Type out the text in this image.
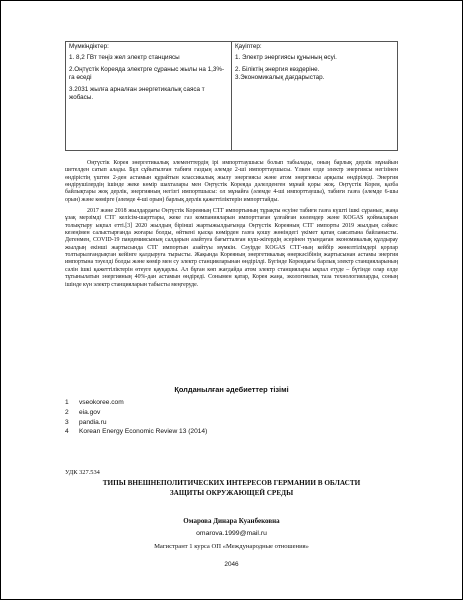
Мүмкіндіктер:
1. 8,2 ГВт теңіз жел электр станциясы
2.Оңтүстік Кореяда электрге сұраныс жылы на 1,3%-га өседі
3.2031 жылға арналған энергетикалық саяса т жобасы.

Қауіптер:
1. Электр энергиясы құнының өсуі.
2. Біліктің энергия көздеріне.
3.Экономикалық дағдарыстар.

Оңтүстік Корея энергетикалық элементтердің ірі импорттаушысы болып табылады, оның барлық дерлік мұнайын шетелден сатып алады. Бұл сұйытылған табиғи газдың әлемде 2-ші импорттаушысы. Үлкен елде электр энергиясы негізінен өндірістің үштен 2-ден астамын құрайтын классикалық жылу энергиясы және атом энергиясы арқылы өндіріледі. Энергия өндірушілердің ішінде жеке көмір шахталары мен Оңтүстік Кореяда дәлелденген мұнай қоры жоқ. Оңтүстік Корея, қазба байлықтары жоқ дерлік, энергияның негізгі импортшысы: ол мұнайға (әлемде 4-ші импорттаушы), табиғи газға (әлемде 6-шы орын) және көмірге (әлемде 4-ші орын) барлық дерлік қажеттіліктерін импорттайды.

2017 және 2018 жылдардағы Оңтүстік Кореяның СТГ импортының тұрақты өсуіне табиғи газға күшті ішкі сұраныс, жаңа ұзақ мерзімді СТГ келісім-шарттары, жеке газ компанияларын импорттаған ұлғайған көлемдер және KOGAS қоймаларын толықтыру ықпал етті.[3] 2020 жылдың бірінші жартыжылдығында Оңтүстік Кореяның СТГ импорты 2019 жылдың сәйкес кезеңімен салыстырғанда жоғары болды, өйткені қысқа көмірден газға қошу жөніндегі үкімет қатаң саясатына байланысты. Дегенмен, COVID-19 пандемиясының салдарын азайтуға бағытталған күш-жігердің әсерінен туындаған экономикалық құлдырау жылдың екінші жартысында СТГ импортын азайтуы мүмкін. Сәуірде KOGAS СТГ-ның кейбір жөнелтілімдері қорлар толтырылғандықтан кейінге қалдыруға тырысты. Жақында Кореяның энергетикалық өнеркәсібінің жартысынан астамы энергия импортына тәуелді болды және көмір мен су электр станцияларынан өндірілді. Бүгінде Кореядағы барлық электр станцияларының сәлін ішкі қажеттіліктерін өтеуге қауқарлы. Ал бұған көп жағдайда атом электр станциялары ықпал етуде – бүгінде олар елде тұтынылатын энергияның 40%-дан астамын өндіреді. Сонымен қатар, Корея жаңа, экологиялық таза технологияларды, соның ішінде күн электр станцияларын табысты меңгеруде.

Қолданылған әдебиеттер тізімі
1 vseokoree.com
2 eia.gov
3 pandia.ru
4 Korean Energy Economic Review 13 (2014)
УДК 327.534
ТИПЫ ВНЕШНЕПОЛИТИЧЕСКИХ ИНТЕРЕСОВ ГЕРМАНИИ В ОБЛАСТИ
ЗАЩИТЫ ОКРУЖАЮЩЕЙ СРЕДЫ
Омарова Динара Куанбековна
omarova.1999@mail.ru
Магистрант 1 курса ОП «Международные отношения»
2046
